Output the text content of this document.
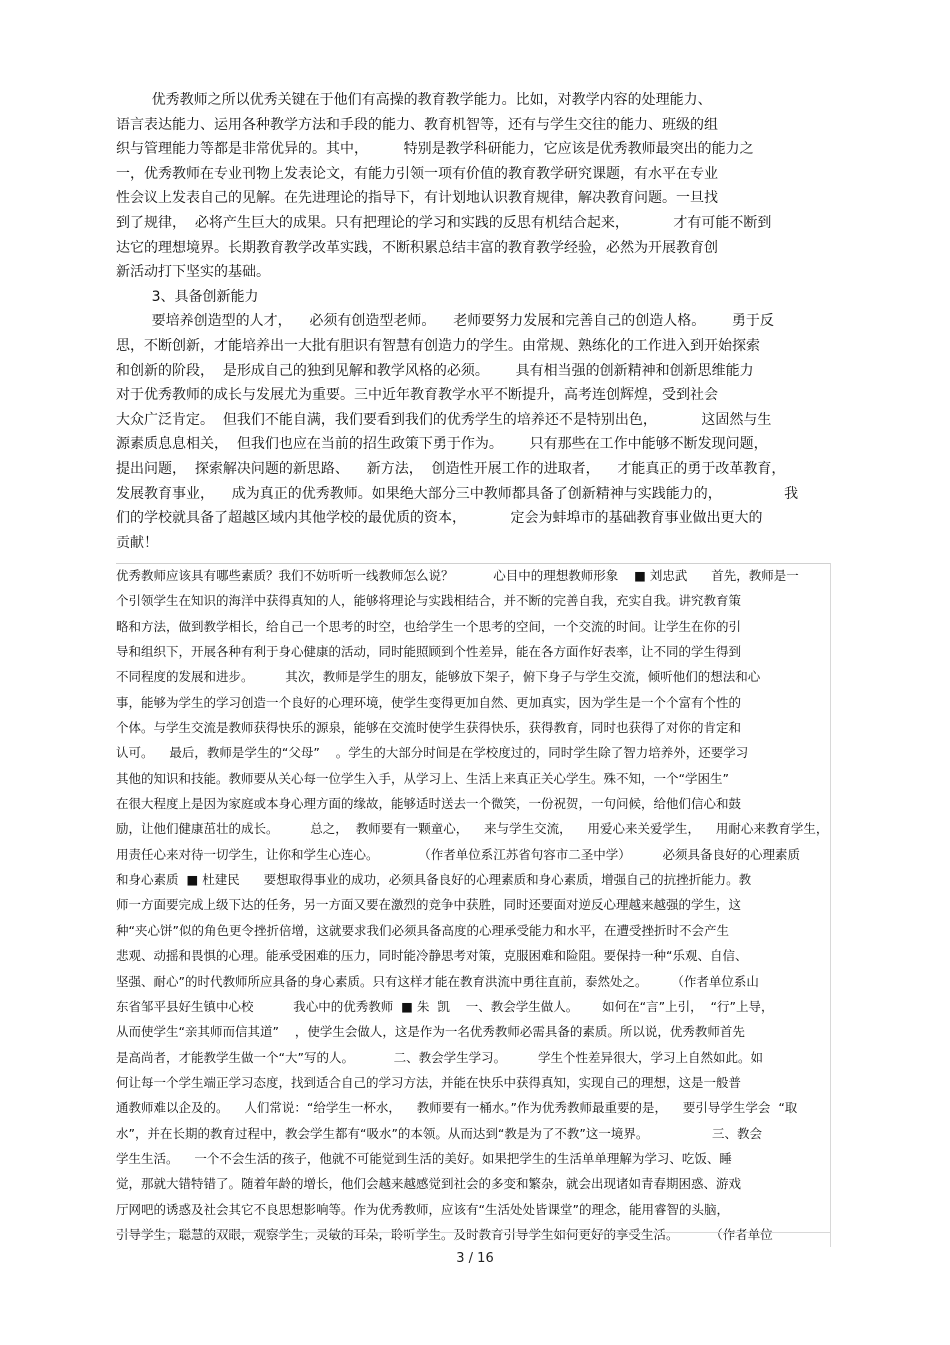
优秀教师之所以优秀关键在于他们有高操的教育教学能力。比如，对教学内容的处理能力、
语言表达能力、运用各种教学方法和手段的能力、教育机智等，还有与学生交往的能力、班级的组
织与管理能力等都是非常优异的。其中，        特别是教学科研能力，它应该是优秀教师最突出的能力之
一，优秀教师在专业刊物上发表论文，有能力引领一项有价值的教育教学研究课题，有水平在专业
性会议上发表自己的见解。在先进理论的指导下，有计划地认识教育规律，解决教育问题。一旦找
到了规律，  必将产生巨大的成果。只有把理论的学习和实践的反思有机结合起来，          才有可能不断到
达它的理想境界。长期教育教学改革实践，不断积累总结丰富的教育教学经验，必然为开展教育创
新活动打下坚实的基础。
3、具备创新能力
要培养创造型的人才，    必须有创造型老师。    老师要努力发展和完善自己的创造人格。      勇于反
思，不断创新，才能培养出一大批有胆识有智慧有创造力的学生。由常规、熟练化的工作进入到开始探索
和创新的阶段，  是形成自己的独到见解和教学风格的必须。      具有相当强的创新精神和创新思维能力
对于优秀教师的成长与发展尤为重要。三中近年教育教学水平不断提升，高考连创辉煌，受到社会
大众广泛肯定。  但我们不能自满，我们要看到我们的优秀学生的培养还不是特别出色，          这固然与生
源素质息息相关，  但我们也应在当前的招生政策下勇于作为。      只有那些在工作中能够不断发现问题，
提出问题，  探索解决问题的新思路、    新方法，  创造性开展工作的进取者，    才能真正的勇于改革教育，
发展教育事业，    成为真正的优秀教师。如果绝大部分三中教师都具备了创新精神与实践能力的，              我
们的学校就具备了超越区域内其他学校的最优质的资本，          定会为蚌埠市的基础教育事业做出更大的
贡献！
优秀教师应该具有哪些素质？我们不妨听听一线教师怎么说？          心目中的理想教师形象    ■ 刘忠武      首先，教师是一
个引领学生在知识的海洋中获得真知的人，能够将理论与实践相结合，并不断的完善自我，充实自我。讲究教育策
略和方法，做到教学相长，给自己一个思考的时空，也给学生一个思考的空间，一个交流的时间。让学生在你的引
导和组织下，开展各种有利于身心健康的活动，同时能照顾到个性差异，能在各方面作好表率，让不同的学生得到
不同程度的发展和进步。        其次，教师是学生的朋友，能够放下架子，俯下身子与学生交流，倾听他们的想法和心
事，能够为学生的学习创造一个良好的心理环境，使学生变得更加自然、更加真实，因为学生是一个个富有个性的
个体。与学生交流是教师获得快乐的源泉，能够在交流时使学生获得快乐，获得教育，同时也获得了对你的肯定和
认可。    最后，教师是学生的“父母”    。学生的大部分时间是在学校度过的，同时学生除了智力培养外，还要学习
其他的知识和技能。教师要从关心每一位学生入手，从学习上、生活上来真正关心学生。殊不知，一个“学困生”
在很大程度上是因为家庭或本身心理方面的缘故，能够适时送去一个微笑，一份祝贺，一句问候，给他们信心和鼓
励，让他们健康茁壮的成长。        总之，  教师要有一颗童心，    来与学生交流，    用爱心来关爱学生，    用耐心来教育学生，
用责任心来对待一切学生，让你和学生心连心。          （作者单位系江苏省句容市二圣中学）        必须具备良好的心理素质
和身心素质  ■ 杜建民      要想取得事业的成功，必须具备良好的心理素质和身心素质，增强自己的抗挫折能力。教
师一方面要完成上级下达的任务，另一方面又要在激烈的竞争中获胜，同时还要面对逆反心理越来越强的学生，这
种“夹心饼”似的角色更令挫折倍增，这就要求我们必须具备高度的心理承受能力和水平，在遭受挫折时不会产生
悲观、动摇和畏惧的心理。能承受困难的压力，同时能冷静思考对策，克服困难和险阻。要保持一种“乐观、自信、
坚强、耐心”的时代教师所应具备的身心素质。只有这样才能在教育洪流中勇往直前，泰然处之。      （作者单位系山
东省邹平县好生镇中心校          我心中的优秀教师  ■ 朱  凯    一、教会学生做人。      如何在“言”上引，  “行”上导，
从而使学生“亲其师而信其道”    ，使学生会做人，这是作为一名优秀教师必需具备的素质。所以说，优秀教师首先
是高尚者，才能教学生做一个“大”写的人。          二、教会学生学习。        学生个性差异很大，学习上自然如此。如
何让每一个学生端正学习态度，找到适合自己的学习方法，并能在快乐中获得真知，实现自己的理想，这是一般普
通教师难以企及的。    人们常说：“给学生一杯水，    教师要有一桶水。”作为优秀教师最重要的是，    要引导学生学会  “取
水”，并在长期的教育过程中，教会学生都有“吸水”的本领。从而达到“教是为了不教”这一境界。                三、教会
学生生活。    一个不会生活的孩子，他就不可能觉到生活的美好。如果把学生的生活单单理解为学习、吃饭、睡
觉，那就大错特错了。随着年龄的增长，他们会越来越感觉到社会的多变和繁杂，就会出现诸如青春期困惑、游戏
厅网吧的诱惑及社会其它不良思想影响等。作为优秀教师，应该有“生活处处皆课堂”的理念，能用睿智的头脑，
引导学生；聪慧的双眼，观察学生；灵敏的耳朵，聆听学生。及时教育引导学生如何更好的享受生活。        （作者单位
3 / 16
